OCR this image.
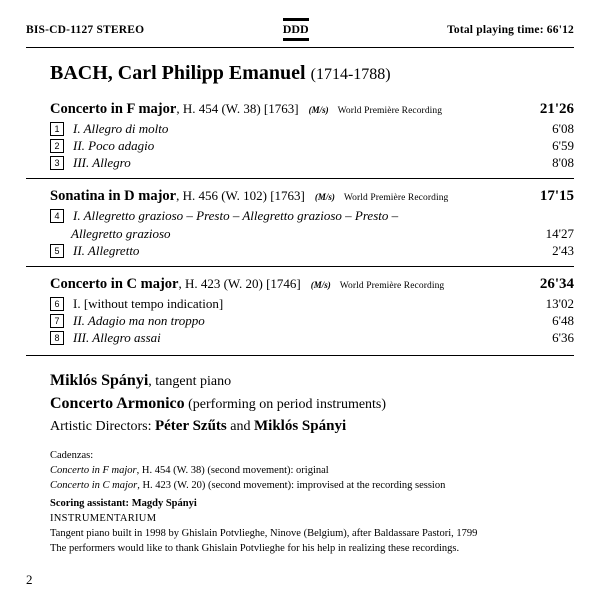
BIS-CD-1127 STEREO	DDD	Total playing time: 66'12
BACH, Carl Philipp Emanuel (1714-1788)
Concerto in F major, H. 454 (W. 38) [1763] (M/s) World Première Recording	21'26
1	I. Allegro di molto	6'08
2	II. Poco adagio	6'59
3	III. Allegro	8'08
Sonatina in D major, H. 456 (W. 102) [1763] (M/s) World Première Recording	17'15
4	I. Allegretto grazioso – Presto – Allegretto grazioso – Presto –
Allegretto grazioso	14'27
5	II. Allegretto	2'43
Concerto in C major, H. 423 (W. 20) [1746] (M/s) World Première Recording	26'34
6	I. [without tempo indication]	13'02
7	II. Adagio ma non troppo	6'48
8	III. Allegro assai	6'36
Miklós Spányi, tangent piano
Concerto Armonico (performing on period instruments)
Artistic Directors: Péter Szűts and Miklós Spányi
Cadenzas:
Concerto in F major, H. 454 (W. 38) (second movement): original
Concerto in C major, H. 423 (W. 20) (second movement): improvised at the recording session
Scoring assistant: Magdy Spányi
INSTRUMENTARIUM
Tangent piano built in 1998 by Ghislain Potvlieghe, Ninove (Belgium), after Baldassare Pastori, 1799
The performers would like to thank Ghislain Potvlieghe for his help in realizing these recordings.
2
